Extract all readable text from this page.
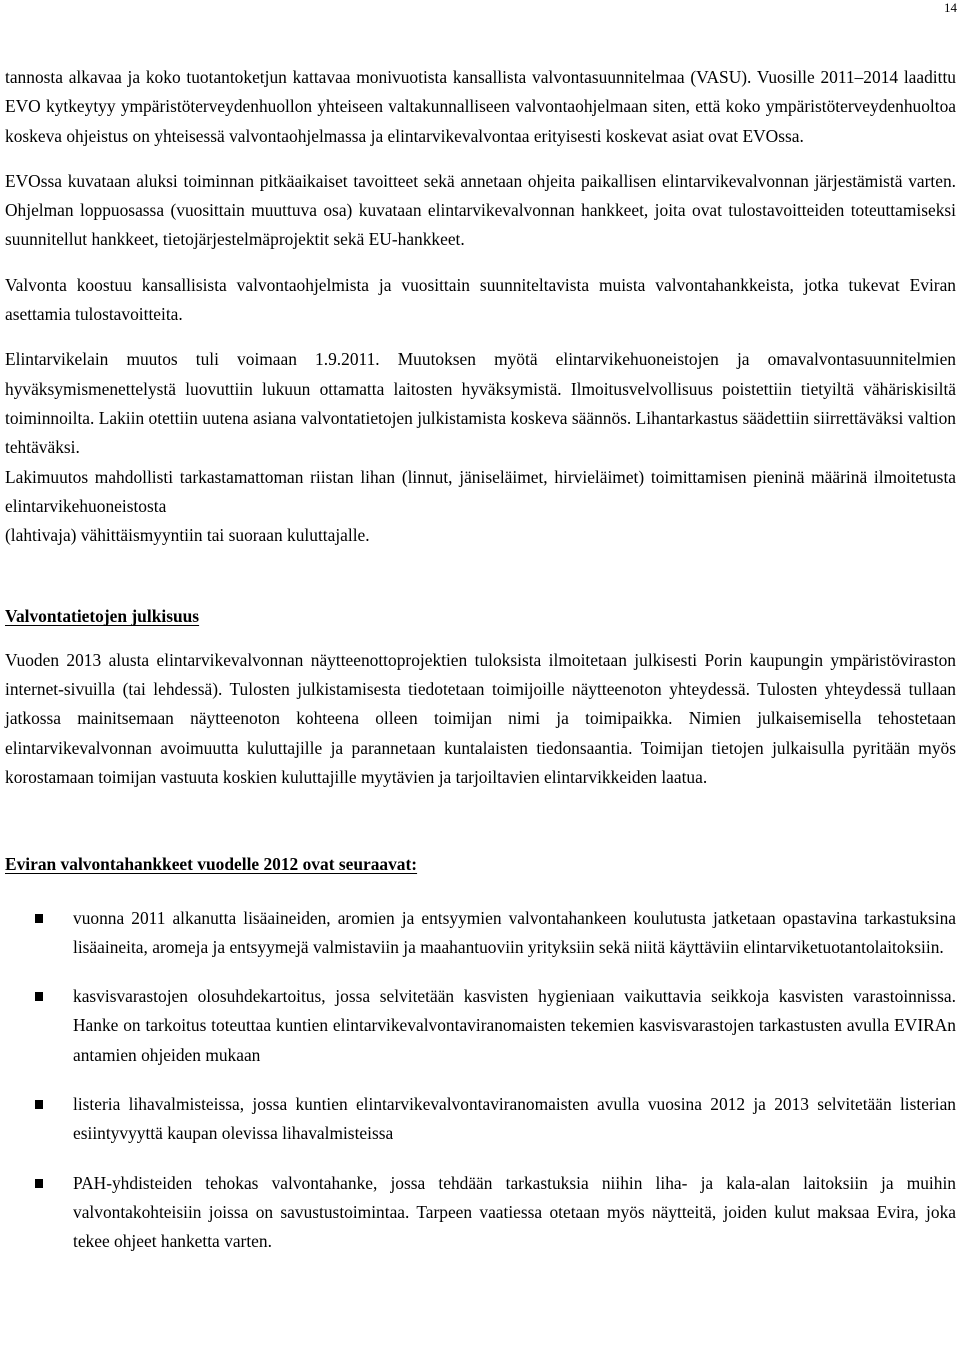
14

tannosta alkavaa ja koko tuotantoketjun kattavaa monivuotista kansallista valvontasuunnitelmaa (VASU). Vuosille 2011–2014 laadittu EVO kytkeytyy ympäristöterveydenhuollon yhteiseen valtakunnalliseen valvontaohjelmaan siten, että koko ympäristöterveydenhuoltoa koskeva ohjeistus on yhteisessä valvontaohjelmassa ja elintarvikevalvontaa erityisesti koskevat asiat ovat EVOssa.

EVOssa kuvataan aluksi toiminnan pitkäaikaiset tavoitteet sekä annetaan ohjeita paikallisen elintarvikevalvonnan järjestämistä varten. Ohjelman loppuosassa (vuosittain muuttuva osa) kuvataan elintarvikevalvonnan hankkeet, joita ovat tulostavoitteiden toteuttamiseksi suunnitellut hankkeet, tietojärjestelmäprojektit sekä EU-hankkeet.

Valvonta koostuu kansallisista valvontaohjelmista ja vuosittain suunniteltavista muista valvontahankkeista, jotka tukevat Eviran asettamia tulostavoitteita.

Elintarvikelain muutos tuli voimaan 1.9.2011. Muutoksen myötä elintarvikehuoneistojen ja omavalvontasuunnitelmien hyväksymismenettelystä luovuttiin lukuun ottamatta laitosten hyväksymistä. Ilmoitusvelvollisuus poistettiin tietyiltä vähäriskisiltä toiminnoilta. Lakiin otettiin uutena asiana valvontatietojen julkistamista koskeva säännös. Lihantarkastus säädettiin siirrettäväksi valtion tehtäväksi.

Lakimuutos mahdollisti tarkastamattoman riistan lihan (linnut, jäniseläimet, hirvieläimet) toimittamisen pieninä määrinä ilmoitetusta elintarvikehuoneistosta

(lahtivaja) vähittäismyyntiin tai suoraan kuluttajalle.

Valvontatietojen julkisuus

Vuoden 2013 alusta elintarvikevalvonnan näytteenottoprojektien tuloksista ilmoitetaan julkisesti Porin kaupungin ympäristöviraston internet-sivuilla (tai lehdessä). Tulosten julkistamisesta tiedotetaan toimijoille näytteenoton yhteydessä. Tulosten yhteydessä tullaan jatkossa mainitsemaan näytteenoton kohteena olleen toimijan nimi ja toimipaikka. Nimien julkaisemisella tehostetaan elintarvikevalvonnan avoimuutta kuluttajille ja parannetaan kuntalaisten tiedonsaantia. Toimijan tietojen julkaisulla pyritään myös korostamaan toimijan vastuuta koskien kuluttajille myytävien ja tarjoiltavien elintarvikkeiden laatua.

Eviran valvontahankkeet vuodelle 2012 ovat seuraavat:
vuonna 2011 alkanutta lisäaineiden, aromien ja entsyymien valvontahankeen koulutusta jatketaan opastavina tarkastuksina lisäaineita, aromeja ja entsyymejä valmistaviin ja maahantuoviin yrityksiin sekä niitä käyttäviin elintarviketuotantolaitoksiin.
kasvisvarastojen olosuhdekartoitus, jossa selvitetään kasvisten hygieniaan vaikuttavia seikkoja kasvisten varastoinnissa. Hanke on tarkoitus toteuttaa kuntien elintarvikevalvontaviranomaisten tekemien kasvisvarastojen tarkastusten avulla EVIRAn antamien ohjeiden mukaan
listeria lihavalmisteissa, jossa kuntien elintarvikevalvontaviranomaisten avulla vuosina 2012 ja 2013 selvitetään listerian esiintyvyyttä kaupan olevissa lihavalmisteissa
PAH-yhdisteiden tehokas valvontahanke, jossa tehdään tarkastuksia niihin liha- ja kala-alan laitoksiin ja muihin valvontakohteisiin joissa on savustustoimintaa. Tarpeen vaatiessa otetaan myös näytteitä, joiden kulut maksaa Evira, joka tekee ohjeet hanketta varten.
